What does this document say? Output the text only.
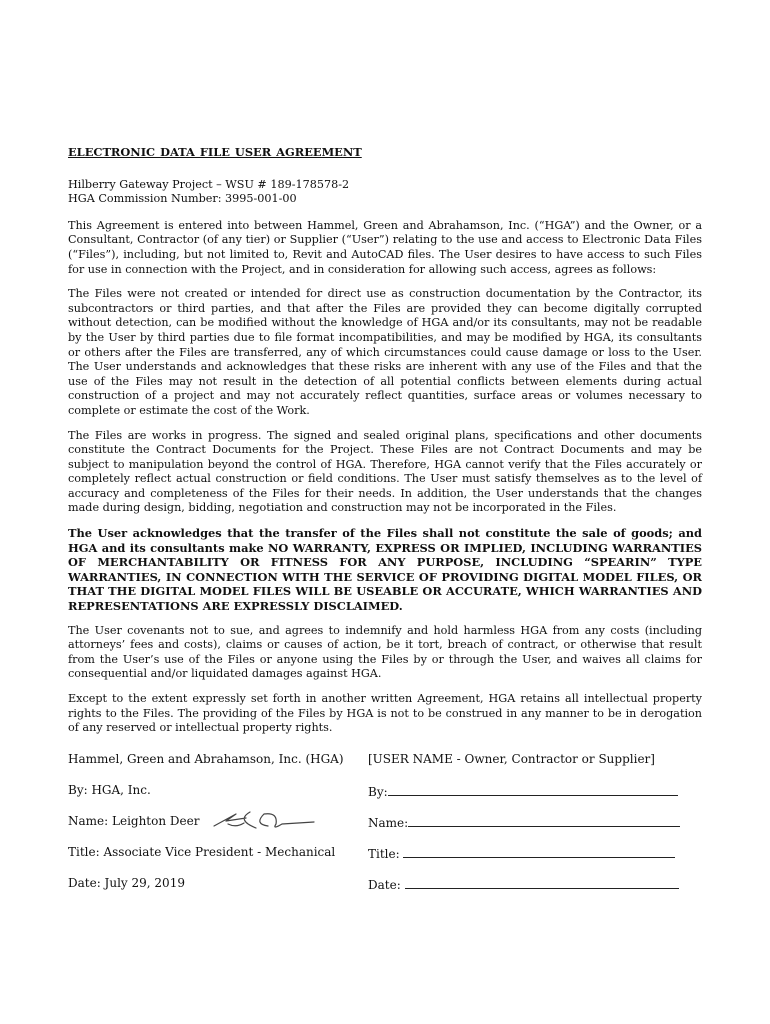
ELECTRONIC DATA FILE USER AGREEMENT
Hilberry Gateway Project – WSU # 189-178578-2
HGA Commission Number: 3995-001-00

This Agreement is entered into between Hammel, Green and Abrahamson, Inc. (“HGA”) and the Owner, or a Consultant, Contractor (of any tier) or Supplier (“User”) relating to the use and access to Electronic Data Files (“Files”), including, but not limited to, Revit and AutoCAD files. The User desires to have access to such Files for use in connection with the Project, and in consideration for allowing such access, agrees as follows:

The Files were not created or intended for direct use as construction documentation by the Contractor, its subcontractors or third parties, and that after the Files are provided they can become digitally corrupted without detection, can be modified without the knowledge of HGA and/or its consultants, may not be readable by the User by third parties due to file format incompatibilities, and may be modified by HGA, its consultants or others after the Files are transferred, any of which circumstances could cause damage or loss to the User. The User understands and acknowledges that these risks are inherent with any use of the Files and that the use of the Files may not result in the detection of all potential conflicts between elements during actual construction of a project and may not accurately reflect quantities, surface areas or volumes necessary to complete or estimate the cost of the Work.

The Files are works in progress. The signed and sealed original plans, specifications and other documents constitute the Contract Documents for the Project. These Files are not Contract Documents and may be subject to manipulation beyond the control of HGA. Therefore, HGA cannot verify that the Files accurately or completely reflect actual construction or field conditions. The User must satisfy themselves as to the level of accuracy and completeness of the Files for their needs. In addition, the User understands that the changes made during design, bidding, negotiation and construction may not be incorporated in the Files.

The User acknowledges that the transfer of the Files shall not constitute the sale of goods; and HGA and its consultants make NO WARRANTY, EXPRESS OR IMPLIED, INCLUDING WARRANTIES OF MERCHANTABILITY OR FITNESS FOR ANY PURPOSE, INCLUDING “SPEARIN” TYPE WARRANTIES, IN CONNECTION WITH THE SERVICE OF PROVIDING DIGITAL MODEL FILES, OR THAT THE DIGITAL MODEL FILES WILL BE USEABLE OR ACCURATE, WHICH WARRANTIES AND REPRESENTATIONS ARE EXPRESSLY DISCLAIMED.

The User covenants not to sue, and agrees to indemnify and hold harmless HGA from any costs (including attorneys’ fees and costs), claims or causes of action, be it tort, breach of contract, or otherwise that result from the User’s use of the Files or anyone using the Files by or through the User, and waives all claims for consequential and/or liquidated damages against HGA.

Except to the extent expressly set forth in another written Agreement, HGA retains all intellectual property rights to the Files. The providing of the Files by HGA is not to be construed in any manner to be in derogation of any reserved or intellectual property rights.

Hammel, Green and Abrahamson, Inc. (HGA)	[USER NAME - Owner, Contractor or Supplier]
By: HGA, Inc.	By:
Name: Leighton Deer	Name:
Title: Associate Vice President - Mechanical	Title:
Date: July 29, 2019	Date:
